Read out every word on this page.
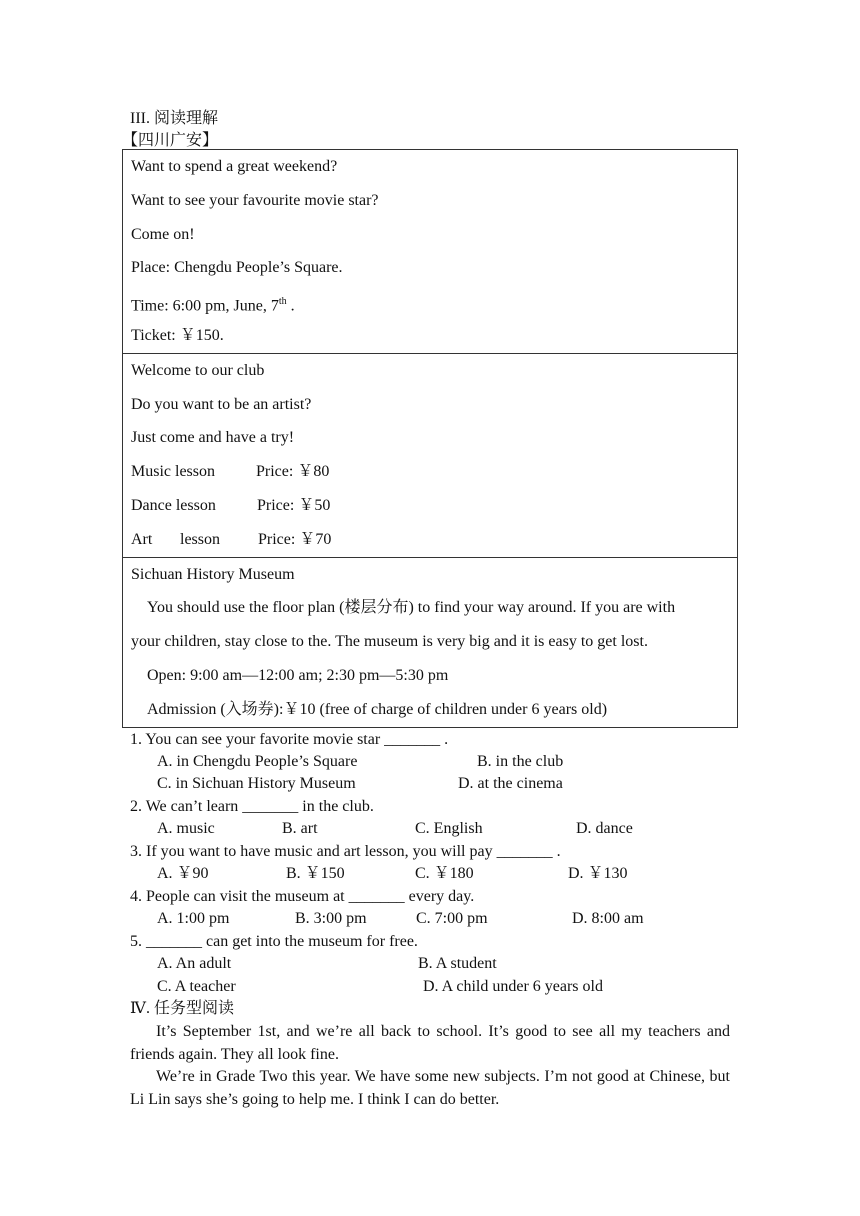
III. 阅读理解
【四川广安】
Want to spend a great weekend?
Want to see your favourite movie star?
Come on!
Place: Chengdu People’s Square.
Time: 6:00 pm, June, 7th .
Ticket: ￥150.

Welcome to our club
Do you want to be an artist?
Just come and have a try!
Music lesson	Price: ￥80
Dance lesson	Price: ￥50
Art lesson Price: ￥70

Sichuan History Museum
You should use the floor plan (楼层分布) to find your way around. If you are with
your children, stay close to the. The museum is very big and it is easy to get lost.
Open: 9:00 am—12:00 am; 2:30 pm—5:30 pm
Admission (入场券):￥10 (free of charge of children under 6 years old)
1. You can see your favorite movie star _______ .
A. in Chengdu People’s Square	B. in the club
C. in Sichuan History Museum	D. at the cinema
2. We can’t learn _______ in the club.
A. music	B. art	C. English	D. dance
3. If you want to have music and art lesson, you will pay _______ .
A. ￥90	B. ￥150	C. ￥180	D. ￥130
4. People can visit the museum at _______ every day.
A. 1:00 pm	B. 3:00 pm	C. 7:00 pm	D. 8:00 am
5. _______ can get into the museum for free.
A. An adult	B. A student
C. A teacher	D. A child under 6 years old
Ⅳ. 任务型阅读
It’s September 1st, and we’re all back to school. It’s good to see all my teachers and friends again. They all look fine.
We’re in Grade Two this year. We have some new subjects. I’m not good at Chinese, but Li Lin says she’s going to help me. I think I can do better.
